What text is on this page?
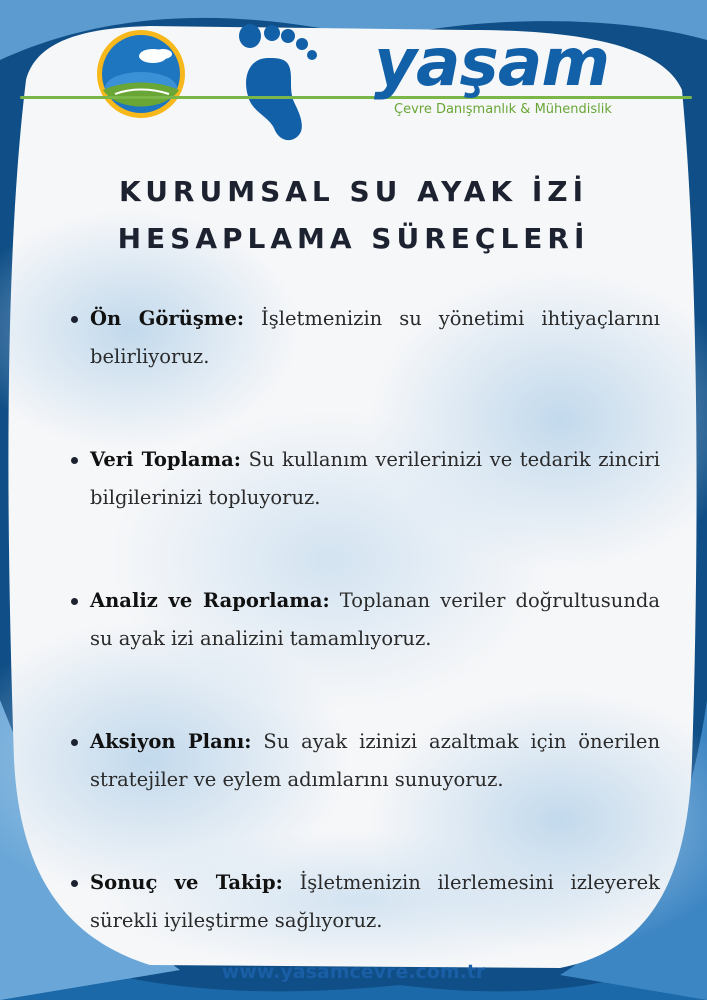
yaşam

Çevre Danışmanlık & Mühendislik

KURUMSAL SU AYAK İZİ
HESAPLAMA SÜREÇLERİ
Ön Görüşme: İşletmenizin su yönetimi ihtiyaçlarını belirliyoruz.
Veri Toplama: Su kullanım verilerinizi ve tedarik zinciri bilgilerinizi topluyoruz.
Analiz ve Raporlama: Toplanan veriler doğrultusunda su ayak izi analizini tamamlıyoruz.
Aksiyon Planı: Su ayak izinizi azaltmak için önerilen stratejiler ve eylem adımlarını sunuyoruz.
Sonuç ve Takip: İşletmenizin ilerlemesini izleyerek sürekli iyileştirme sağlıyoruz.

www.yasamcevre.com.tr
